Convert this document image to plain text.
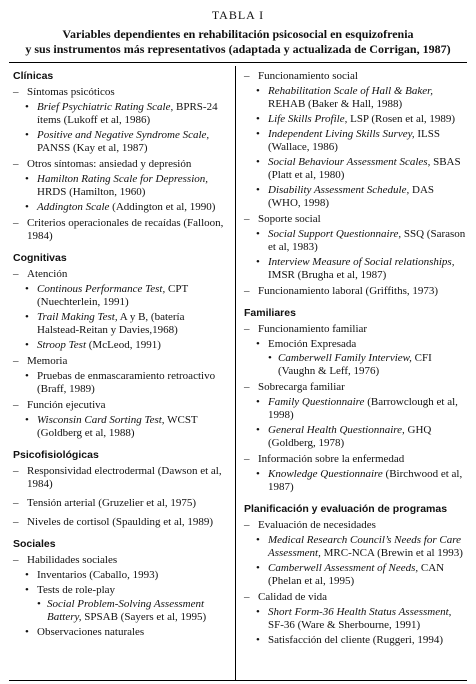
TABLA I
Variables dependientes en rehabilitación psicosocial en esquizofrenia
y sus instrumentos más representativos (adaptada y actualizada de Corrigan, 1987)
Clínicas
– Síntomas psicóticos
• Brief Psychiatric Rating Scale, BPRS-24 ítems (Lukoff et al, 1986)
• Positive and Negative Syndrome Scale, PANSS (Kay et al, 1987)
– Otros síntomas: ansiedad y depresión
• Hamilton Rating Scale for Depression, HRDS (Hamilton, 1960)
• Addington Scale (Addington et al, 1990)
– Criterios operacionales de recaídas (Falloon, 1984)
Cognitivas
– Atención
• Continous Performance Test, CPT (Nuechterlein, 1991)
• Trail Making Test, A y B, (batería Halstead-Reitan y Davies,1968)
• Stroop Test (McLeod, 1991)
– Memoria
• Pruebas de enmascaramiento retroactivo (Braff, 1989)
– Función ejecutiva
• Wisconsin Card Sorting Test, WCST (Goldberg et al, 1988)
Psicofisiológicas
– Responsividad electrodermal (Dawson et al, 1984)
– Tensión arterial (Gruzelier et al, 1975)
– Niveles de cortisol (Spaulding et al, 1989)
Sociales
– Habilidades sociales
• Inventarios (Caballo, 1993)
• Tests de role-play
• Social Problem-Solving Assessment Battery, SPSAB (Sayers et al, 1995)
• Observaciones naturales
– Funcionamiento social
• Rehabilitation Scale of Hall & Baker, REHAB (Baker & Hall, 1988)
• Life Skills Profile, LSP (Rosen et al, 1989)
• Independent Living Skills Survey, ILSS (Wallace, 1986)
• Social Behaviour Assessment Scales, SBAS (Platt et al, 1980)
• Disability Assessment Schedule, DAS (WHO, 1998)
– Soporte social
• Social Support Questionnaire, SSQ (Sarason et al, 1983)
• Interview Measure of Social relationships, IMSR (Brugha et al, 1987)
– Funcionamiento laboral (Griffiths, 1973)
Familiares
– Funcionamiento familiar
• Emoción Expresada
• Camberwell Family Interview, CFI (Vaughn & Leff, 1976)
– Sobrecarga familiar
• Family Questionnaire (Barrowclough et al, 1998)
• General Health Questionnaire, GHQ (Goldberg, 1978)
– Información sobre la enfermedad
• Knowledge Questionnaire (Birchwood et al, 1987)
Planificación y evaluación de programas
– Evaluación de necesidades
• Medical Research Council’s Needs for Care Assessment, MRC-NCA (Brewin et al 1993)
• Camberwell Assessment of Needs, CAN (Phelan et al, 1995)
– Calidad de vida
• Short Form-36 Health Status Assessment, SF-36 (Ware & Sherbourne, 1991)
• Satisfacción del cliente (Ruggeri, 1994)
